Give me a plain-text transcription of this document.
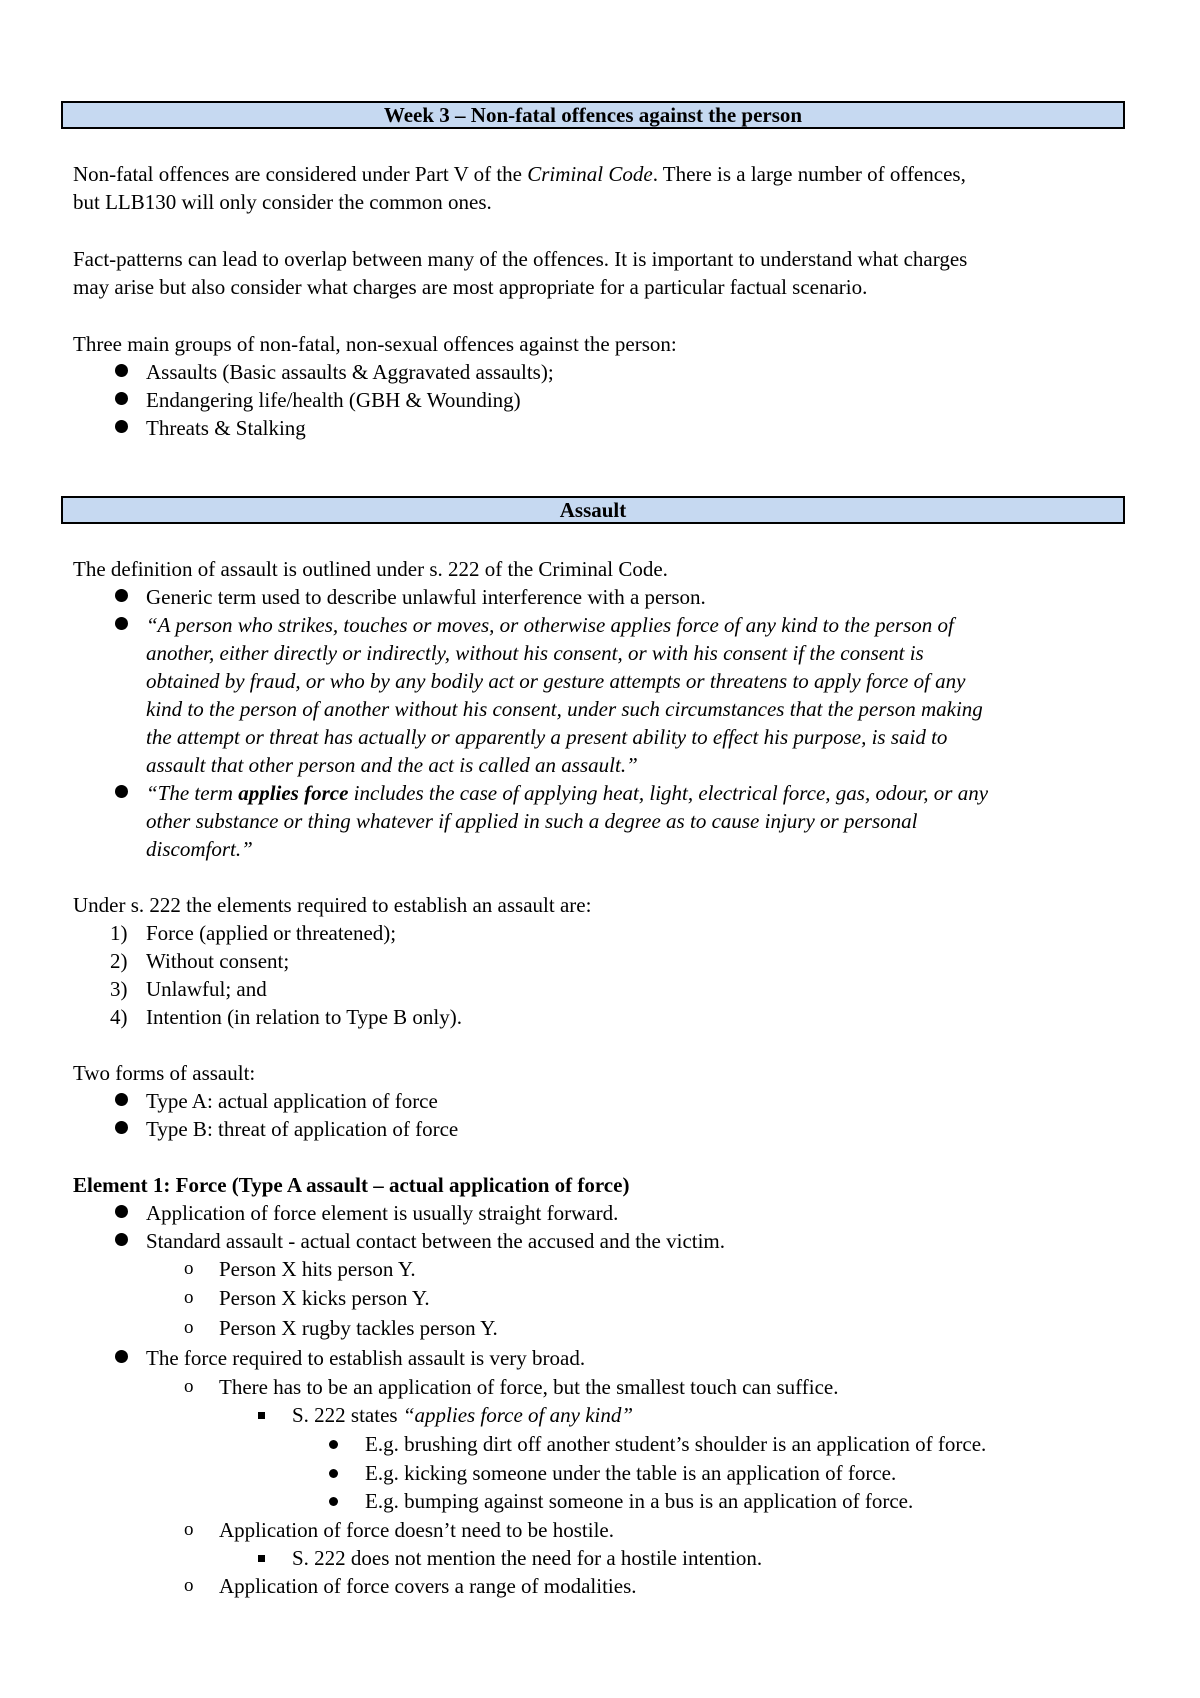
Week 3 – Non-fatal offences against the person
Non-fatal offences are considered under Part V of the Criminal Code. There is a large number of offences,
but LLB130 will only consider the common ones.
Fact-patterns can lead to overlap between many of the offences. It is important to understand what charges
may arise but also consider what charges are most appropriate for a particular factual scenario.
Three main groups of non-fatal, non-sexual offences against the person:
Assaults (Basic assaults & Aggravated assaults);
Endangering life/health (GBH & Wounding)
Threats & Stalking
Assault
The definition of assault is outlined under s. 222 of the Criminal Code.
Generic term used to describe unlawful interference with a person.
“A person who strikes, touches or moves, or otherwise applies force of any kind to the person of
another, either directly or indirectly, without his consent, or with his consent if the consent is
obtained by fraud, or who by any bodily act or gesture attempts or threatens to apply force of any
kind to the person of another without his consent, under such circumstances that the person making
the attempt or threat has actually or apparently a present ability to effect his purpose, is said to
assault that other person and the act is called an assault.”
“The term applies force includes the case of applying heat, light, electrical force, gas, odour, or any
other substance or thing whatever if applied in such a degree as to cause injury or personal
discomfort.”
Under s. 222 the elements required to establish an assault are:
1) Force (applied or threatened);
2) Without consent;
3) Unlawful; and
4) Intention (in relation to Type B only).
Two forms of assault:
Type A: actual application of force
Type B: threat of application of force
Element 1: Force (Type A assault – actual application of force)
Application of force element is usually straight forward.
Standard assault - actual contact between the accused and the victim.
o Person X hits person Y.
o Person X kicks person Y.
o Person X rugby tackles person Y.
The force required to establish assault is very broad.
o There has to be an application of force, but the smallest touch can suffice.
S. 222 states “applies force of any kind”
E.g. brushing dirt off another student’s shoulder is an application of force.
E.g. kicking someone under the table is an application of force.
E.g. bumping against someone in a bus is an application of force.
o Application of force doesn’t need to be hostile.
S. 222 does not mention the need for a hostile intention.
o Application of force covers a range of modalities.
